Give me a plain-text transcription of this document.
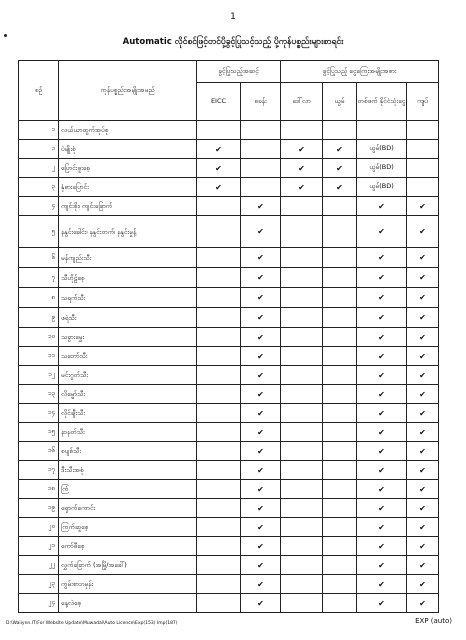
1
Automatic လိုင်စင်ဖြင့်တင်ပို့ခွင့်ပြုသင့်သည့် ပို့ကုန်ပစ္စည်းများစာရင်း
စဉ်	ကုန်ပစ္စည်းအမျိုးအမည်	ခွင့်ပြုသည့်အဆင့်		ခွင့်ပြုသည့် ငွေကြေးအမျိုးအစား			
		EICC	စခန်း	ဒေါ်လာ	ယွမ်	တစ်ဖက် နိုင်ငံသုံးငွေ	ကျပ်
၁	လယ်ယာထွက်အုပ်စု						
၁	ပဲမျိုးစုံ	✔		✔	✔	ယွမ်(BD)	
၂	ပြောင်းဖူးစေ့	✔		✔	✔	ယွမ်(BD)	
၃	နှံစားပြောင်း	✔		✔	✔	ယွမ်(BD)	
၄	ကျင်းစိုး၊ ကျင်းခြောက်		✔			✔	✔
၅	နနွင်းခေါင်း၊ နနွင်းတက်၊ နနွင်းမှုန့်		✔			✔	✔
၆	မန်ကျည်းသီး		✔			✔	✔
၇	သီဟိုဠ်စေ့		✔			✔	✔
၈	သရက်သီး		✔			✔	✔
၉	ဖရဲသီး		✔			✔	✔
၁၀	သခွားမွှေး		✔			✔	✔
၁၁	သဘော်သီး		✔			✔	✔
၁၂	မင်းဂွတ်သီး		✔			✔	✔
၁၃	လိမ္မော်သီး		✔			✔	✔
၁၄	လိုင်ချီးသီး		✔			✔	✔
၁၅	နာနတ်သီး		✔			✔	✔
၁၆	စပျစ်သီး		✔			✔	✔
၁၇	ဒီးသီးအစုံ		✔			✔	✔
၁၈	ကြံ		✔			✔	✔
၁၉	ရှောက်ကောင်း		✔			✔	✔
၂၀	ကြက်ဆူစေ့		✔			✔	✔
၂၁	ကော်ဖီစေ့		✔			✔	✔
၂၂	လွှက်ခြောက် (အမြို/အခေါ်)		✔			✔	✔
၂၃	ကွမ်းစားဂမုန်း		✔			✔	✔
၂၄	နေ့လဲစေ့		✔			✔	✔
D:\Waiiynn.IT\For Website Update\Muwadal\Auto Licence\Exp(153) Imp(187)	EXP (auto)
